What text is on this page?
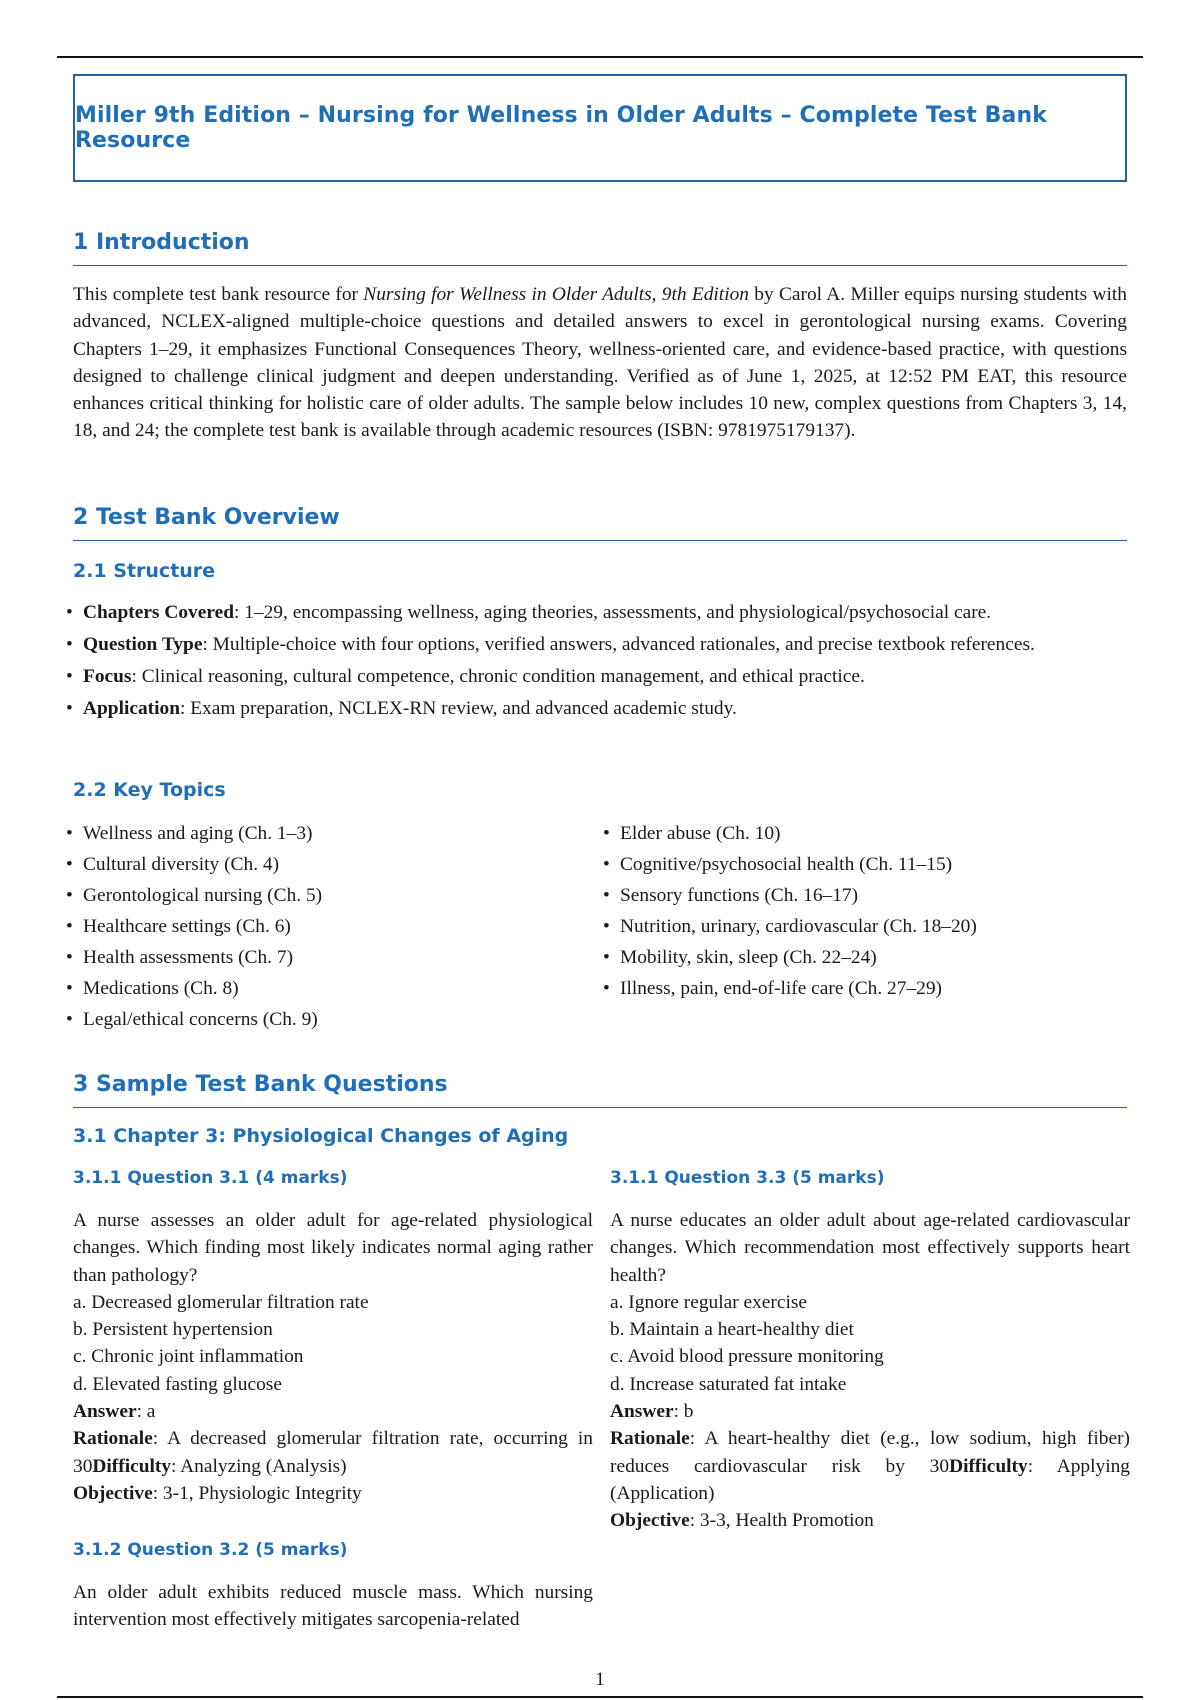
Miller 9th Edition – Nursing for Wellness in Older Adults – Complete Test Bank Resource
1 Introduction
This complete test bank resource for Nursing for Wellness in Older Adults, 9th Edition by Carol A. Miller equips nursing students with advanced, NCLEX-aligned multiple-choice questions and detailed answers to excel in gerontological nursing exams. Covering Chapters 1–29, it emphasizes Functional Consequences Theory, wellness-oriented care, and evidence-based practice, with questions designed to challenge clinical judgment and deepen understanding. Verified as of June 1, 2025, at 12:52 PM EAT, this resource enhances critical thinking for holistic care of older adults. The sample below includes 10 new, complex questions from Chapters 3, 14, 18, and 24; the complete test bank is available through academic resources (ISBN: 9781975179137).
2 Test Bank Overview
2.1 Structure
• Chapters Covered: 1–29, encompassing wellness, aging theories, assessments, and physiological/psychosocial care.
• Question Type: Multiple-choice with four options, verified answers, advanced rationales, and precise textbook references.
• Focus: Clinical reasoning, cultural competence, chronic condition management, and ethical practice.
• Application: Exam preparation, NCLEX-RN review, and advanced academic study.
2.2 Key Topics
• Wellness and aging (Ch. 1–3)
• Cultural diversity (Ch. 4)
• Gerontological nursing (Ch. 5)
• Healthcare settings (Ch. 6)
• Health assessments (Ch. 7)
• Medications (Ch. 8)
• Legal/ethical concerns (Ch. 9)
• Elder abuse (Ch. 10)
• Cognitive/psychosocial health (Ch. 11–15)
• Sensory functions (Ch. 16–17)
• Nutrition, urinary, cardiovascular (Ch. 18–20)
• Mobility, skin, sleep (Ch. 22–24)
• Illness, pain, end-of-life care (Ch. 27–29)
3 Sample Test Bank Questions
3.1 Chapter 3: Physiological Changes of Aging
3.1.1 Question 3.1 (4 marks)

A nurse assesses an older adult for age-related physiological changes. Which finding most likely indicates normal aging rather than pathology?

a. Decreased glomerular filtration rate
b. Persistent hypertension
c. Chronic joint inflammation
d. Elevated fasting glucose

Answer: a

Rationale: A decreased glomerular filtration rate, occurring in 30Difficulty: Analyzing (Analysis)

Objective: 3-1, Physiologic Integrity

3.1.2 Question 3.2 (5 marks)

An older adult exhibits reduced muscle mass. Which nursing intervention most effectively mitigates sarcopenia-related

3.1.1 Question 3.3 (5 marks)

A nurse educates an older adult about age-related cardiovascular changes. Which recommendation most effectively supports heart health?

a. Ignore regular exercise
b. Maintain a heart-healthy diet
c. Avoid blood pressure monitoring
d. Increase saturated fat intake

Answer: b

Rationale: A heart-healthy diet (e.g., low sodium, high fiber) reduces cardiovascular risk by 30Difficulty: Applying (Application)

Objective: 3-3, Health Promotion

1
